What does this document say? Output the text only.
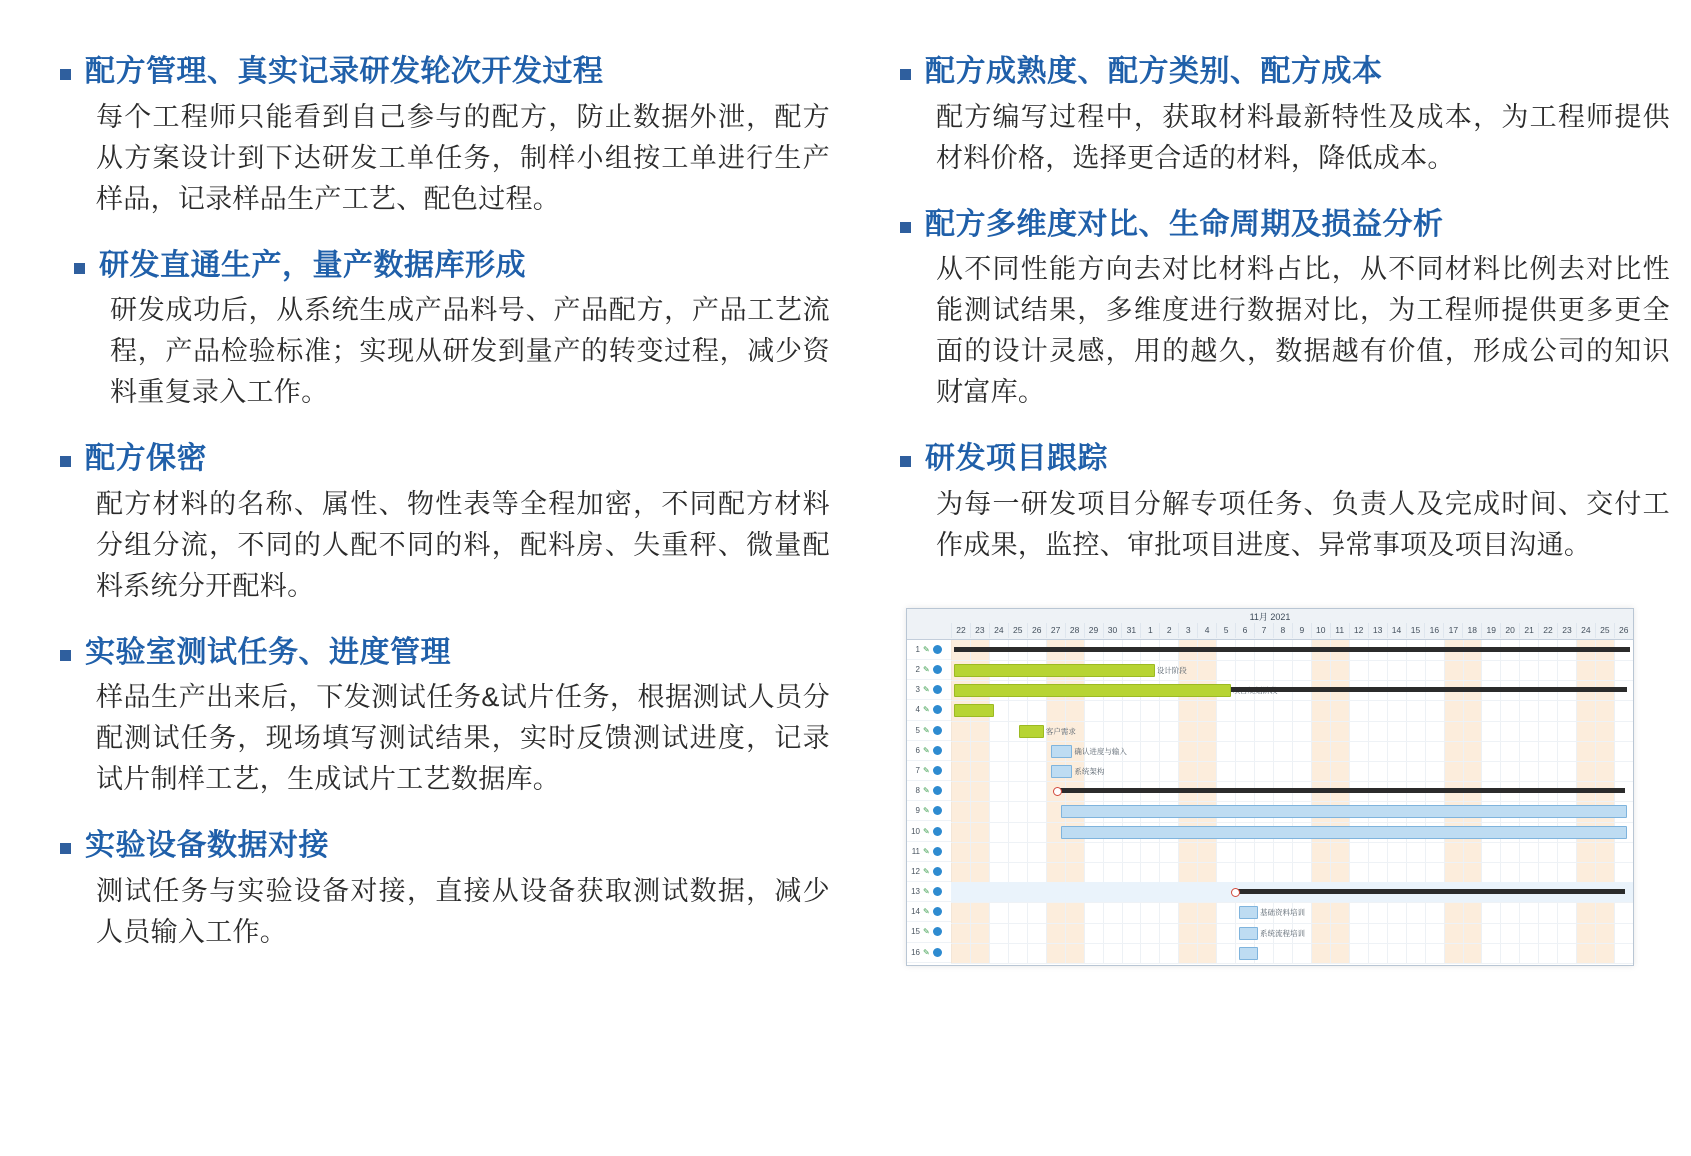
配方管理、真实记录研发轮次开发过程
每个工程师只能看到自己参与的配方，防止数据外泄，配方从方案设计到下达研发工单任务，制样小组按工单进行生产样品，记录样品生产工艺、配色过程。
研发直通生产，量产数据库形成
研发成功后，从系统生成产品料号、产品配方，产品工艺流程，产品检验标准；实现从研发到量产的转变过程，减少资料重复录入工作。
配方保密
配方材料的名称、属性、物性表等全程加密，不同配方材料分组分流，不同的人配不同的料，配料房、失重秤、微量配料系统分开配料。
实验室测试任务、进度管理
样品生产出来后，下发测试任务&试片任务，根据测试人员分配测试任务，现场填写测试结果，实时反馈测试进度，记录试片制样工艺，生成试片工艺数据库。
实验设备数据对接
测试任务与实验设备对接，直接从设备获取测试数据，减少人员输入工作。
配方成熟度、配方类别、配方成本
配方编写过程中，获取材料最新特性及成本，为工程师提供材料价格，选择更合适的材料，降低成本。
配方多维度对比、生命周期及损益分析
从不同性能方向去对比材料占比，从不同材料比例去对比性能测试结果，多维度进行数据对比，为工程师提供更多更全面的设计灵感，用的越久，数据越有价值，形成公司的知识财富库。
研发项目跟踪
为每一研发项目分解专项任务、负责人及完成时间、交付工作成果，监控、审批项目进度、异常事项及项目沟通。
11月 2021
22	23	24	25	26	27	28	29	30	31	1	2	3	4	5	6	7	8	9	10	11	12	13	14	15	16	17	18	19	20	21	22	23	24	25	26
1 ✎
2 ✎
3 ✎
4 ✎
5 ✎
6 ✎
7 ✎
8 ✎
9 ✎
10 ✎
11 ✎
12 ✎
13 ✎
14 ✎
15 ✎
16 ✎
设计阶段
客户需求
确认进度与输入
系统架构
基础资料培训
系统流程培训
